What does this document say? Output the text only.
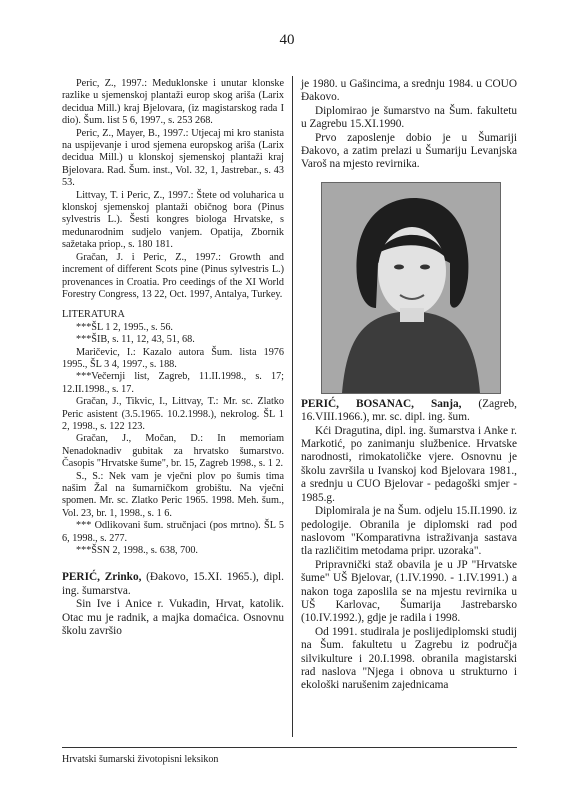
40

Peric, Z., 1997.: Meduklonske i unutar klonske razlike u sjemenskoj plantaži europ skog ariša (Larix decidua Mill.) kraj Bjelovara, (iz magistarskog rada I dio). Šum. list 5 6, 1997., s. 253 268.

Peric, Z., Mayer, B., 1997.: Utjecaj mi kro stanista na uspijevanje i urod sjemena europskog ariša (Larix decidua Mill.) u klonskoj sjemenskoj plantaži kraj Bjelovara. Rad. Šum. inst., Vol. 32, 1, Jastrebar., s. 43 53.

Littvay, T. i Peric, Z., 1997.: Štete od voluharica u klonskoj sjemenskoj plantaži običnog bora (Pinus sylvestris L.). Šesti kongres biologa Hrvatske, s medunarodnim sudjelo vanjem. Opatija, Zbornik sažetaka priop., s. 180 181.

Gračan, J. i Peric, Z., 1997.: Growth and increment of different Scots pine (Pinus sylvestris L.) provenances in Croatia. Pro ceedings of the XI World Forestry Congress, 13 22, Oct. 1997, Antalya, Turkey.

LITERATURA

***ŠL 1 2, 1995., s. 56.

***ŠIB, s. 11, 12, 43, 51, 68.

Maričevic, I.: Kazalo autora Šum. lista 1976 1995., ŠL 3 4, 1997., s. 188.

***Večernji list, Zagreb, 11.II.1998., s. 17; 12.II.1998., s. 17.

Gračan, J., Tikvic, I., Littvay, T.: Mr. sc. Zlatko Peric asistent (3.5.1965. 10.2.1998.), nekrolog. ŠL 1 2, 1998., s. 122 123.

Gračan, J., Močan, D.: In memoriam Nenadoknadiv gubitak za hrvatsko šumarstvo. Časopis "Hrvatske šume", br. 15, Zagreb 1998., s. 1 2.

S., S.: Nek vam je vječni plov po šumis tima našim Žal na šumarničkom grobištu. Na vječni spomen. Mr. sc. Zlatko Peric 1965. 1998. Meh. šum., Vol. 23, br. 1, 1998., s. 1 6.

*** Odlikovani šum. stručnjaci (pos mrtno). ŠL 5 6, 1998., s. 277.

***ŠSN 2, 1998., s. 638, 700.

PERIĆ, Zrinko, (Đakovo, 15.XI. 1965.), dipl. ing. šumarstva.

Sin Ive i Anice r. Vukadin, Hrvat, katolik. Otac mu je radnik, a majka domaćica. Osnovnu školu završio

je 1980. u Gašincima, a srednju 1984. u COUO Đakovo.

Diplomirao je šumarstvo na Šum. fakultetu u Zagrebu 15.XI.1990.

Prvo zaposlenje dobio je u Šumariji Đakovo, a zatim prelazi u Šumariju Levanjska Varoš na mjesto revirnika.

PERIĆ, BOSANAC, Sanja, (Zagreb, 16.VIII.1966.), mr. sc. dipl. ing. šum.

Kći Dragutina, dipl. ing. šumarstva i Anke r. Markotić, po zanimanju službenice. Hrvatske narodnosti, rimokatoličke vjere. Osnovnu je školu završila u Ivanskoj kod Bjelovara 1981., a srednju u CUO Bjelovar - pedagoški smjer - 1985.g.

Diplomirala je na Šum. odjelu 15.II.1990. iz pedologije. Obranila je diplomski rad pod naslovom "Komparativna istraživanja sastava tla različitim metodama pripr. uzoraka".

Pripravnički staž obavila je u JP "Hrvatske šume" UŠ Bjelovar, (1.IV.1990. - 1.IV.1991.) a nakon toga zaposlila se na mjestu revirnika u UŠ Karlovac, Šumarija Jastrebarsko (10.IV.1992.), gdje je radila i 1998.

Od 1991. studirala je poslijediplomski studij na Šum. fakultetu u Zagrebu iz područja silvikulture i 20.I.1998. obranila magistarski rad naslova "Njega i obnova u strukturno i ekološki narušenim zajednicama

Hrvatski šumarski životopisni leksikon
